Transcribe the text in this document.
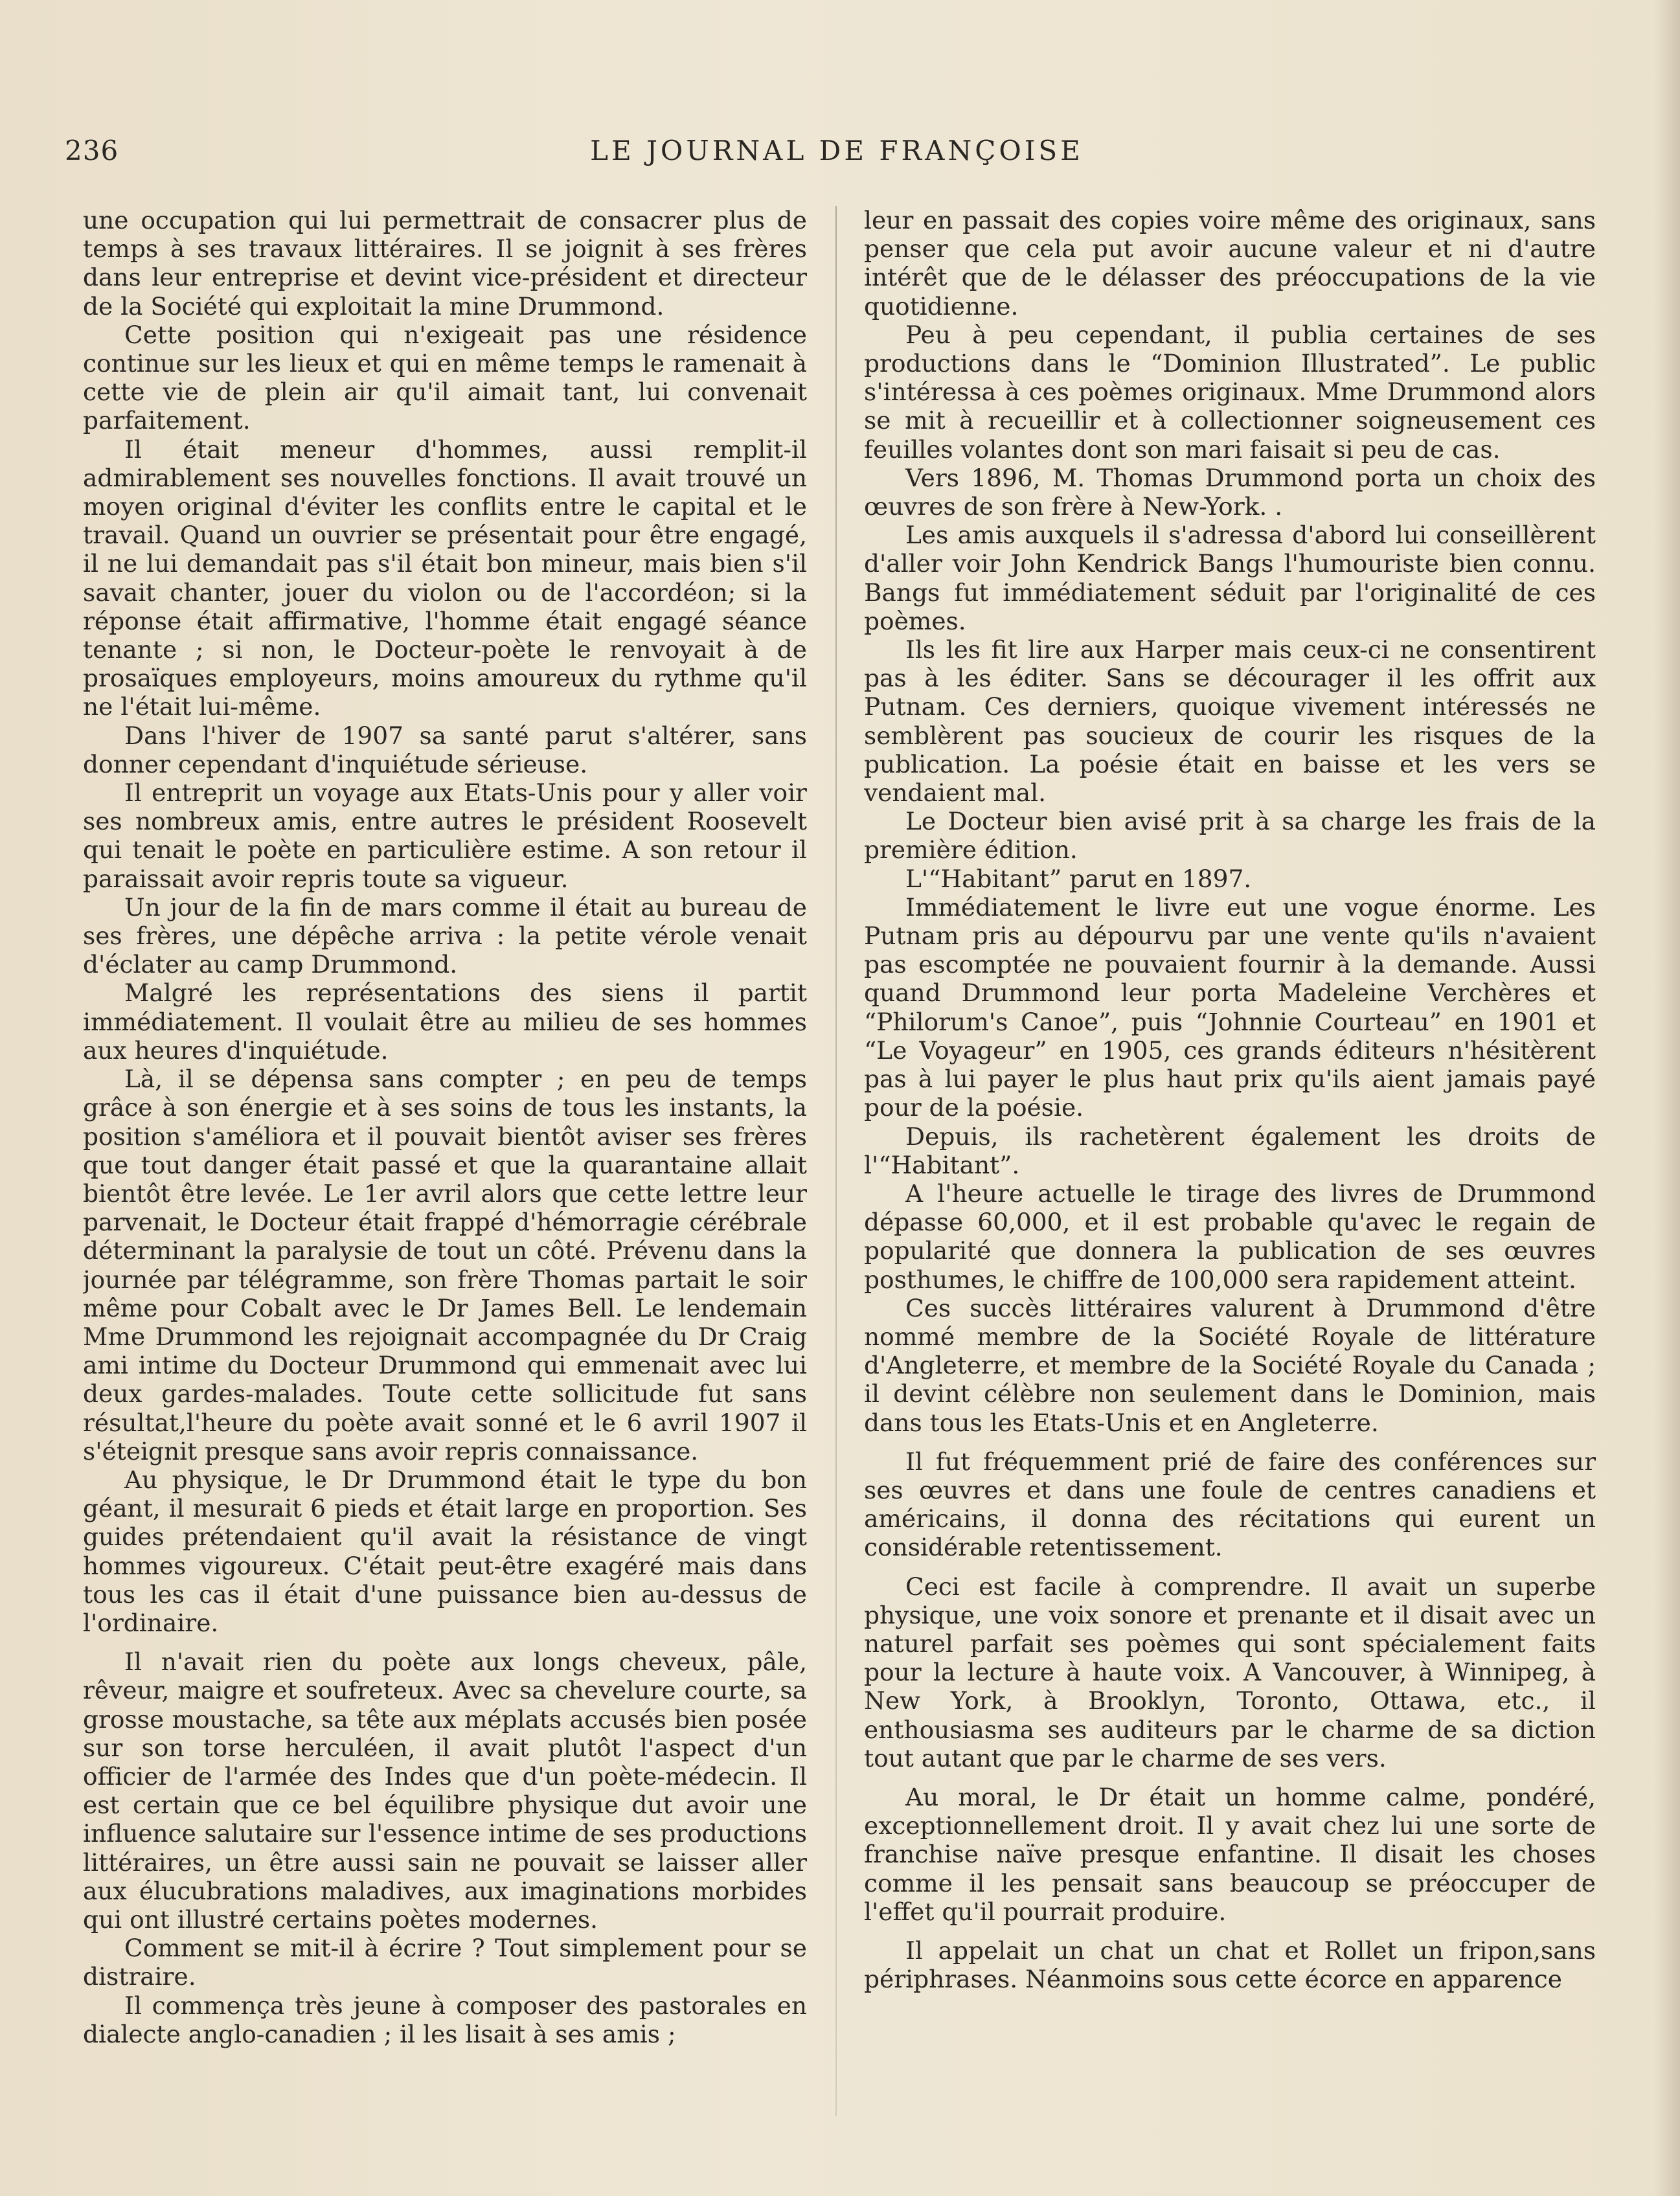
236	LE JOURNAL DE FRANÇOISE

une occupation qui lui permettrait de consacrer plus de temps à ses travaux littéraires. Il se joignit à ses frères dans leur entreprise et devint vice-président et directeur de la Société qui exploitait la mine Drummond.

Cette position qui n'exigeait pas une résidence continue sur les lieux et qui en même temps le ramenait à cette vie de plein air qu'il aimait tant, lui convenait parfaitement.

Il était meneur d'hommes, aussi remplit-il admirablement ses nouvelles fonctions. Il avait trouvé un moyen original d'éviter les conflits entre le capital et le travail. Quand un ouvrier se présentait pour être engagé, il ne lui demandait pas s'il était bon mineur, mais bien s'il savait chanter, jouer du violon ou de l'accordéon; si la réponse était affirmative, l'homme était engagé séance tenante ; si non, le Docteur-poète le renvoyait à de prosaïques employeurs, moins amoureux du rythme qu'il ne l'était lui-même.

Dans l'hiver de 1907 sa santé parut s'altérer, sans donner cependant d'inquiétude sérieuse.

Il entreprit un voyage aux Etats-Unis pour y aller voir ses nombreux amis, entre autres le président Roosevelt qui tenait le poète en particulière estime. A son retour il paraissait avoir repris toute sa vigueur.

Un jour de la fin de mars comme il était au bureau de ses frères, une dépêche arriva : la petite vérole venait d'éclater au camp Drummond.

Malgré les représentations des siens il partit immédiatement. Il voulait être au milieu de ses hommes aux heures d'inquiétude.

Là, il se dépensa sans compter ; en peu de temps grâce à son énergie et à ses soins de tous les instants, la position s'améliora et il pouvait bientôt aviser ses frères que tout danger était passé et que la quarantaine allait bientôt être levée. Le 1er avril alors que cette lettre leur parvenait, le Docteur était frappé d'hémorragie cérébrale déterminant la paralysie de tout un côté. Prévenu dans la journée par télégramme, son frère Thomas partait le soir même pour Cobalt avec le Dr James Bell. Le lendemain Mme Drummond les rejoignait accompagnée du Dr Craig ami intime du Docteur Drummond qui emmenait avec lui deux gardes-malades. Toute cette sollicitude fut sans résultat,l'heure du poète avait sonné et le 6 avril 1907 il s'éteignit presque sans avoir repris connaissance.

Au physique, le Dr Drummond était le type du bon géant, il mesurait 6 pieds et était large en proportion. Ses guides prétendaient qu'il avait la résistance de vingt hommes vigoureux. C'était peut-être exagéré mais dans tous les cas il était d'une puissance bien au-dessus de l'ordinaire.

Il n'avait rien du poète aux longs cheveux, pâle, rêveur, maigre et soufreteux. Avec sa chevelure courte, sa grosse moustache, sa tête aux méplats accusés bien posée sur son torse herculéen, il avait plutôt l'aspect d'un officier de l'armée des Indes que d'un poète-médecin. Il est certain que ce bel équilibre physique dut avoir une influence salutaire sur l'essence intime de ses productions littéraires, un être aussi sain ne pouvait se laisser aller aux élucubrations maladives, aux imaginations morbides qui ont illustré certains poètes modernes.

Comment se mit-il à écrire ? Tout simplement pour se distraire.

Il commença très jeune à composer des pastorales en dialecte anglo-canadien ; il les lisait à ses amis ;

leur en passait des copies voire même des originaux, sans penser que cela put avoir aucune valeur et ni d'autre intérêt que de le délasser des préoccupations de la vie quotidienne.

Peu à peu cependant, il publia certaines de ses productions dans le “Dominion Illustrated”. Le public s'intéressa à ces poèmes originaux. Mme Drummond alors se mit à recueillir et à collectionner soigneusement ces feuilles volantes dont son mari faisait si peu de cas.

Vers 1896, M. Thomas Drummond porta un choix des œuvres de son frère à New-York. .

Les amis auxquels il s'adressa d'abord lui conseillèrent d'aller voir John Kendrick Bangs l'humouriste bien connu. Bangs fut immédiatement séduit par l'originalité de ces poèmes.

Ils les fit lire aux Harper mais ceux-ci ne consentirent pas à les éditer. Sans se décourager il les offrit aux Putnam. Ces derniers, quoique vivement intéressés ne semblèrent pas soucieux de courir les risques de la publication. La poésie était en baisse et les vers se vendaient mal.

Le Docteur bien avisé prit à sa charge les frais de la première édition.

L'“Habitant” parut en 1897.

Immédiatement le livre eut une vogue énorme. Les Putnam pris au dépourvu par une vente qu'ils n'avaient pas escomptée ne pouvaient fournir à la demande. Aussi quand Drummond leur porta Madeleine Verchères et “Philorum's Canoe”, puis “Johnnie Courteau” en 1901 et “Le Voyageur” en 1905, ces grands éditeurs n'hésitèrent pas à lui payer le plus haut prix qu'ils aient jamais payé pour de la poésie.

Depuis, ils rachetèrent également les droits de l'“Habitant”.

A l'heure actuelle le tirage des livres de Drummond dépasse 60,000, et il est probable qu'avec le regain de popularité que donnera la publication de ses œuvres posthumes, le chiffre de 100,000 sera rapidement atteint.

Ces succès littéraires valurent à Drummond d'être nommé membre de la Société Royale de littérature d'Angleterre, et membre de la Société Royale du Canada ; il devint célèbre non seulement dans le Dominion, mais dans tous les Etats-Unis et en Angleterre.

Il fut fréquemment prié de faire des conférences sur ses œuvres et dans une foule de centres canadiens et américains, il donna des récitations qui eurent un considérable retentissement.

Ceci est facile à comprendre. Il avait un superbe physique, une voix sonore et prenante et il disait avec un naturel parfait ses poèmes qui sont spécialement faits pour la lecture à haute voix. A Vancouver, à Winnipeg, à New York, à Brooklyn, Toronto, Ottawa, etc., il enthousiasma ses auditeurs par le charme de sa diction tout autant que par le charme de ses vers.

Au moral, le Dr était un homme calme, pondéré, exceptionnellement droit. Il y avait chez lui une sorte de franchise naïve presque enfantine. Il disait les choses comme il les pensait sans beaucoup se préoccuper de l'effet qu'il pourrait produire.

Il appelait un chat un chat et Rollet un fripon,sans périphrases. Néanmoins sous cette écorce en apparence
